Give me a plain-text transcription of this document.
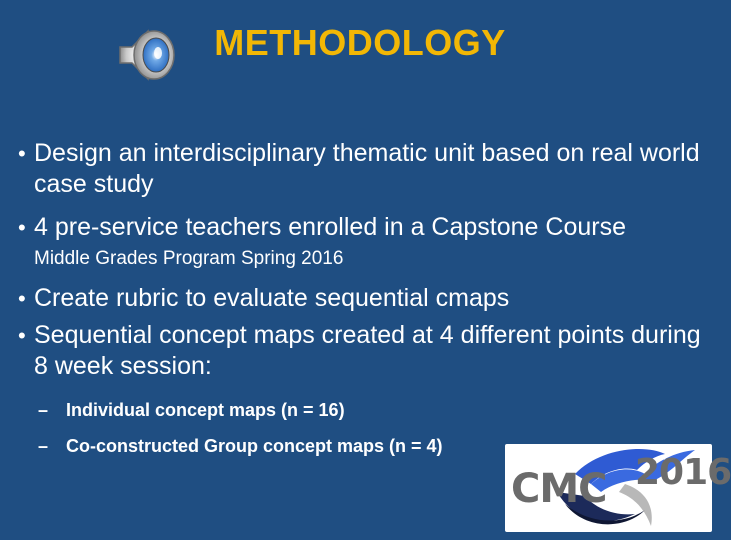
METHODOLOGY
• Design an interdisciplinary thematic unit based on real world case study
• 4 pre-service teachers enrolled in a Capstone Course
Middle Grades Program Spring 2016
• Create rubric to evaluate sequential cmaps
• Sequential concept maps created at 4 different points during 8 week session:
– Individual concept maps (n = 16)
– Co-constructed Group concept maps (n = 4)
CMC 2016
